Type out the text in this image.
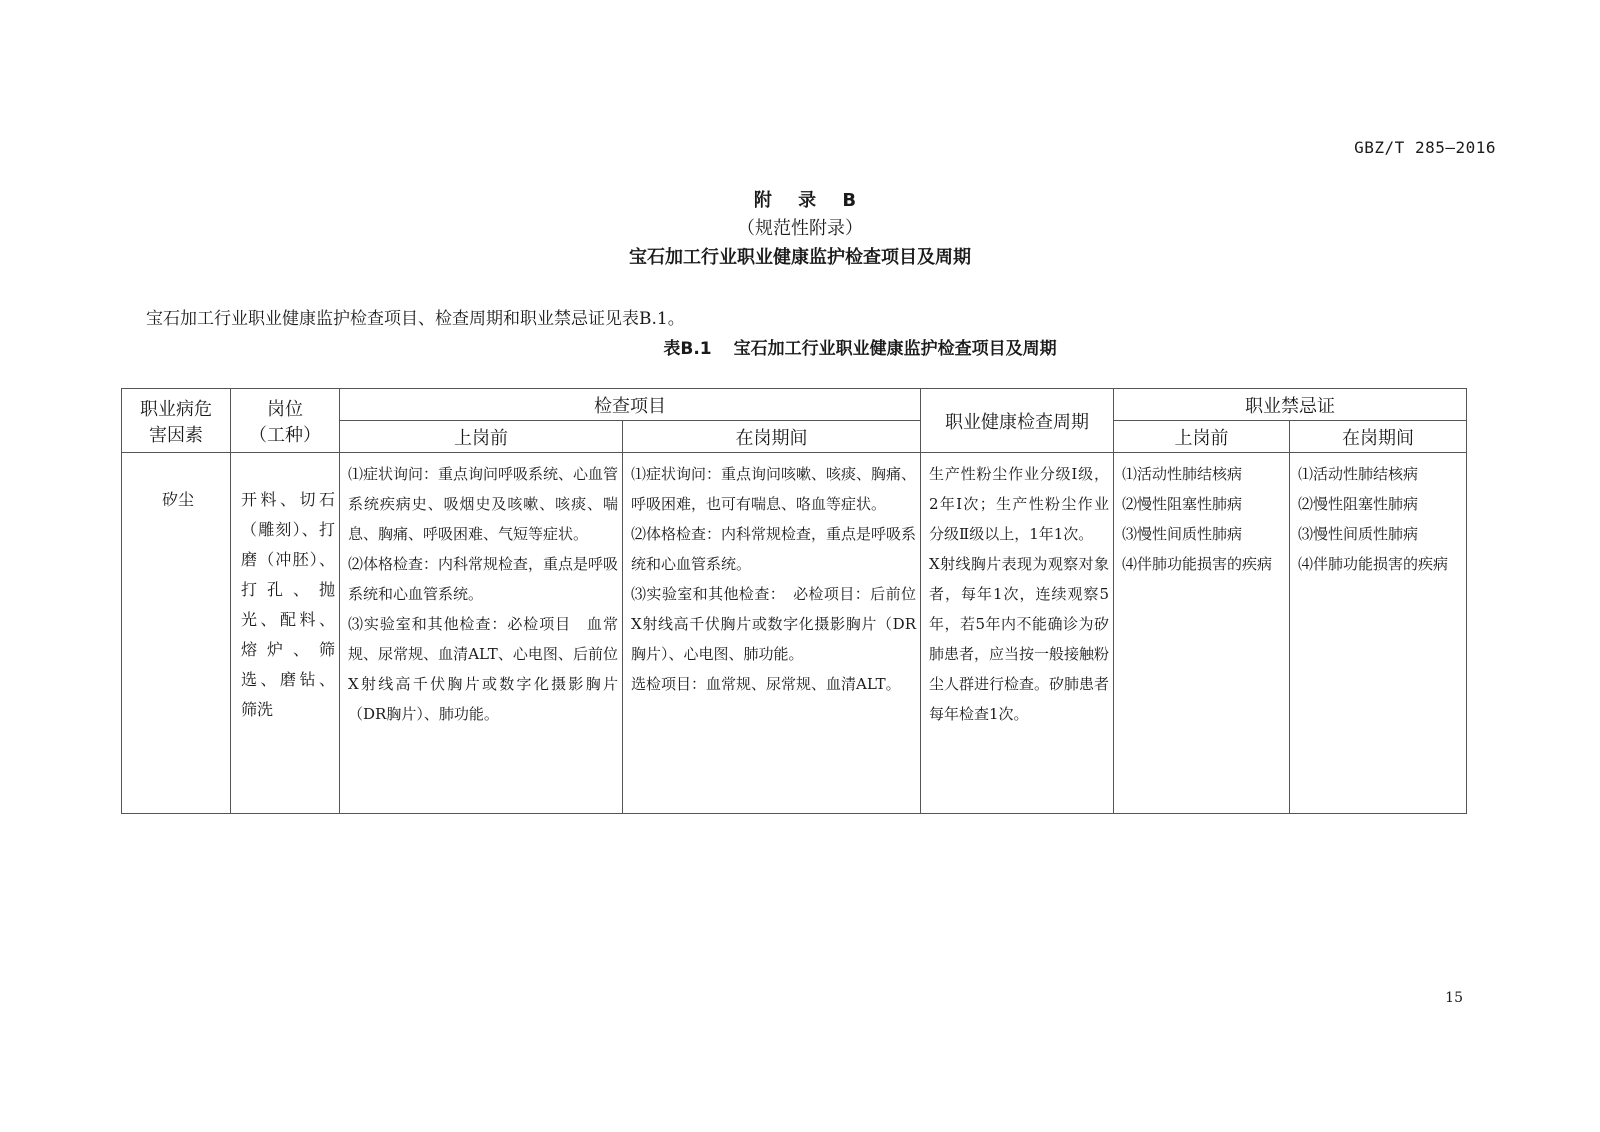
GBZ/T 285—2016
附 录 B
（规范性附录）
宝石加工行业职业健康监护检查项目及周期
宝石加工行业职业健康监护检查项目、检查周期和职业禁忌证见表B.1。
表B.1 宝石加工行业职业健康监护检查项目及周期
职业病危
害因素	岗位
（工种）	检查项目		职业健康检查周期	职业禁忌证	
		上岗前	在岗期间		上岗前	在岗期间
矽尘	开料、切石（雕刻）、打磨（冲胚）、打孔、抛光、配料、熔炉、筛选、磨钻、筛洗	⑴症状询问：重点询问呼吸系统、心血管系统疾病史、吸烟史及咳嗽、咳痰、喘息、胸痛、呼吸困难、气短等症状。
⑵体格检查：内科常规检查，重点是呼吸系统和心血管系统。
⑶实验室和其他检查：必检项目　血常规、尿常规、血清ALT、心电图、后前位X射线高千伏胸片或数字化摄影胸片（DR胸片）、肺功能。	⑴症状询问：重点询问咳嗽、咳痰、胸痛、呼吸困难，也可有喘息、咯血等症状。
⑵体格检查：内科常规检查，重点是呼吸系统和心血管系统。
⑶实验室和其他检查：　必检项目：后前位X射线高千伏胸片或数字化摄影胸片（DR胸片）、心电图、肺功能。
选检项目：血常规、尿常规、血清ALT。	生产性粉尘作业分级Ⅰ级，2年Ⅰ次；生产性粉尘作业分级Ⅱ级以上，1年1次。
X射线胸片表现为观察对象者，每年1次，连续观察5年，若5年内不能确诊为矽肺患者，应当按一般接触粉尘人群进行检查。矽肺患者每年检查1次。	⑴活动性肺结核病
⑵慢性阻塞性肺病
⑶慢性间质性肺病
⑷伴肺功能损害的疾病	⑴活动性肺结核病
⑵慢性阻塞性肺病
⑶慢性间质性肺病
⑷伴肺功能损害的疾病
15
